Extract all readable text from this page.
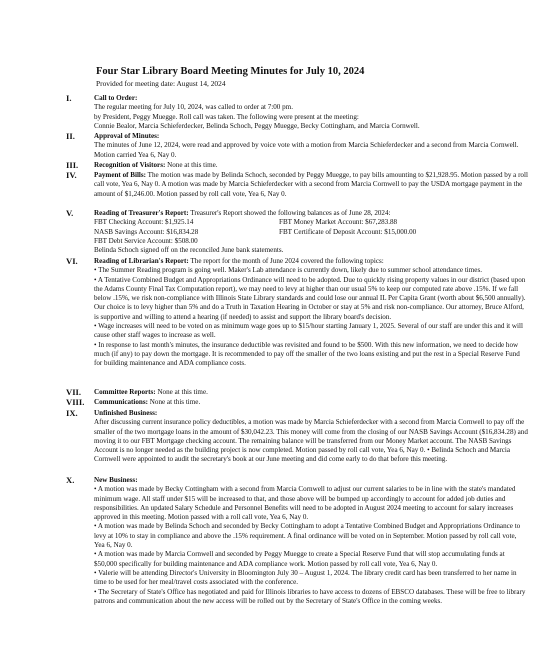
Four Star Library Board Meeting Minutes for July 10, 2024
Provided for meeting date: August 14, 2024
I.	Call to Order:
The regular meeting for July 10, 2024, was called to order at 7:00 pm.
by President, Peggy Muegge. Roll call was taken. The following were present at the meeting:
Connie Bealor, Marcia Schieferdecker, Belinda Schoch, Peggy Muegge, Becky Cottingham, and Marcia Cornwell.
II.	Approval of Minutes:
The minutes of June 12, 2024, were read and approved by voice vote with a motion from Marcia Schieferdecker and a second from Marcia Cornwell. Motion carried Yea 6, Nay 0.
III. Recognition of Visitors: None at this time.
IV. Payment of Bills: The motion was made by Belinda Schoch, seconded by Peggy Muegge, to pay bills amounting to $21,928.95. Motion passed by a roll call vote, Yea 6, Nay 0. A motion was made by Marcia Schieferdecker with a second from Marcia Cornwell to pay the USDA mortgage payment in the amount of $1,246.00. Motion passed by roll call vote, Yea 6, Nay 0.
V.	Reading of Treasurer's Report: Treasurer's Report showed the following balances as of June 28, 2024:
FBT Checking Account: $1,925.14	FBT Money Market Account: $67,283.88
NASB Savings Account: $16,834.28	FBT Certificate of Deposit Account: $15,000.00
FBT Debt Service Account: $508.00
Belinda Schoch signed off on the reconciled June bank statements.
VI. Reading of Librarian's Report: The report for the month of June 2024 covered the following topics:
• The Summer Reading program is going well. Maker's Lab attendance is currently down, likely due to summer school attendance times.
• A Tentative Combined Budget and Appropriations Ordinance will need to be adopted. Due to quickly rising property values in our district (based upon the Adams County Final Tax Computation report), we may need to levy at higher than our usual 5% to keep our computed rate above .15%. If we fall below .15%, we risk non-compliance with Illinois State Library standards and could lose our annual IL Per Capita Grant (worth about $6,500 annually). Our choice is to levy higher than 5% and do a Truth in Taxation Hearing in October or stay at 5% and risk non-compliance. Our attorney, Bruce Alford, is supportive and willing to attend a hearing (if needed) to assist and support the library board's decision.
• Wage increases will need to be voted on as minimum wage goes up to $15/hour starting January 1, 2025. Several of our staff are under this and it will cause other staff wages to increase as well.
• In response to last month's minutes, the insurance deductible was revisited and found to be $500. With this new information, we need to decide how much (if any) to pay down the mortgage. It is recommended to pay off the smaller of the two loans existing and put the rest in a Special Reserve Fund for building maintenance and ADA compliance costs.
VII. Committee Reports: None at this time.
VIII. Communications: None at this time.
IX. Unfinished Business:
After discussing current insurance policy deductibles, a motion was made by Marcia Schieferdecker with a second from Marcia Cornwell to pay off the smaller of the two mortgage loans in the amount of $30,042.23. This money will come from the closing of our NASB Savings Account ($16,834.28) and moving it to our FBT Mortgage checking account. The remaining balance will be transferred from our Money Market account. The NASB Savings Account is no longer needed as the building project is now completed. Motion passed by roll call vote, Yea 6, Nay 0. • Belinda Schoch and Marcia Cornwell were appointed to audit the secretary's book at our June meeting and did come early to do that before this meeting.
X.	New Business:
• A motion was made by Becky Cottingham with a second from Marcia Cornwell to adjust our current salaries to be in line with the state's mandated minimum wage. All staff under $15 will be increased to that, and those above will be bumped up accordingly to account for added job duties and responsibilities. An updated Salary Schedule and Personnel Benefits will need to be adopted in August 2024 meeting to account for salary increases approved in this meeting. Motion passed with a roll call vote, Yea 6, Nay 0.
• A motion was made by Belinda Schoch and seconded by Becky Cottingham to adopt a Tentative Combined Budget and Appropriations Ordinance to levy at 10% to stay in compliance and above the .15% requirement. A final ordinance will be voted on in September. Motion passed by roll call vote, Yea 6, Nay 0.
• A motion was made by Marcia Cornwell and seconded by Peggy Muegge to create a Special Reserve Fund that will stop accumulating funds at $50,000 specifically for building maintenance and ADA compliance work. Motion passed by roll call vote, Yea 6, Nay 0.
• Valerie will be attending Director's University in Bloomington July 30 – August 1, 2024. The library credit card has been transferred to her name in time to be used for her meal/travel costs associated with the conference.
• The Secretary of State's Office has negotiated and paid for Illinois libraries to have access to dozens of EBSCO databases. These will be free to library patrons and communication about the new access will be rolled out by the Secretary of State's Office in the coming weeks.
